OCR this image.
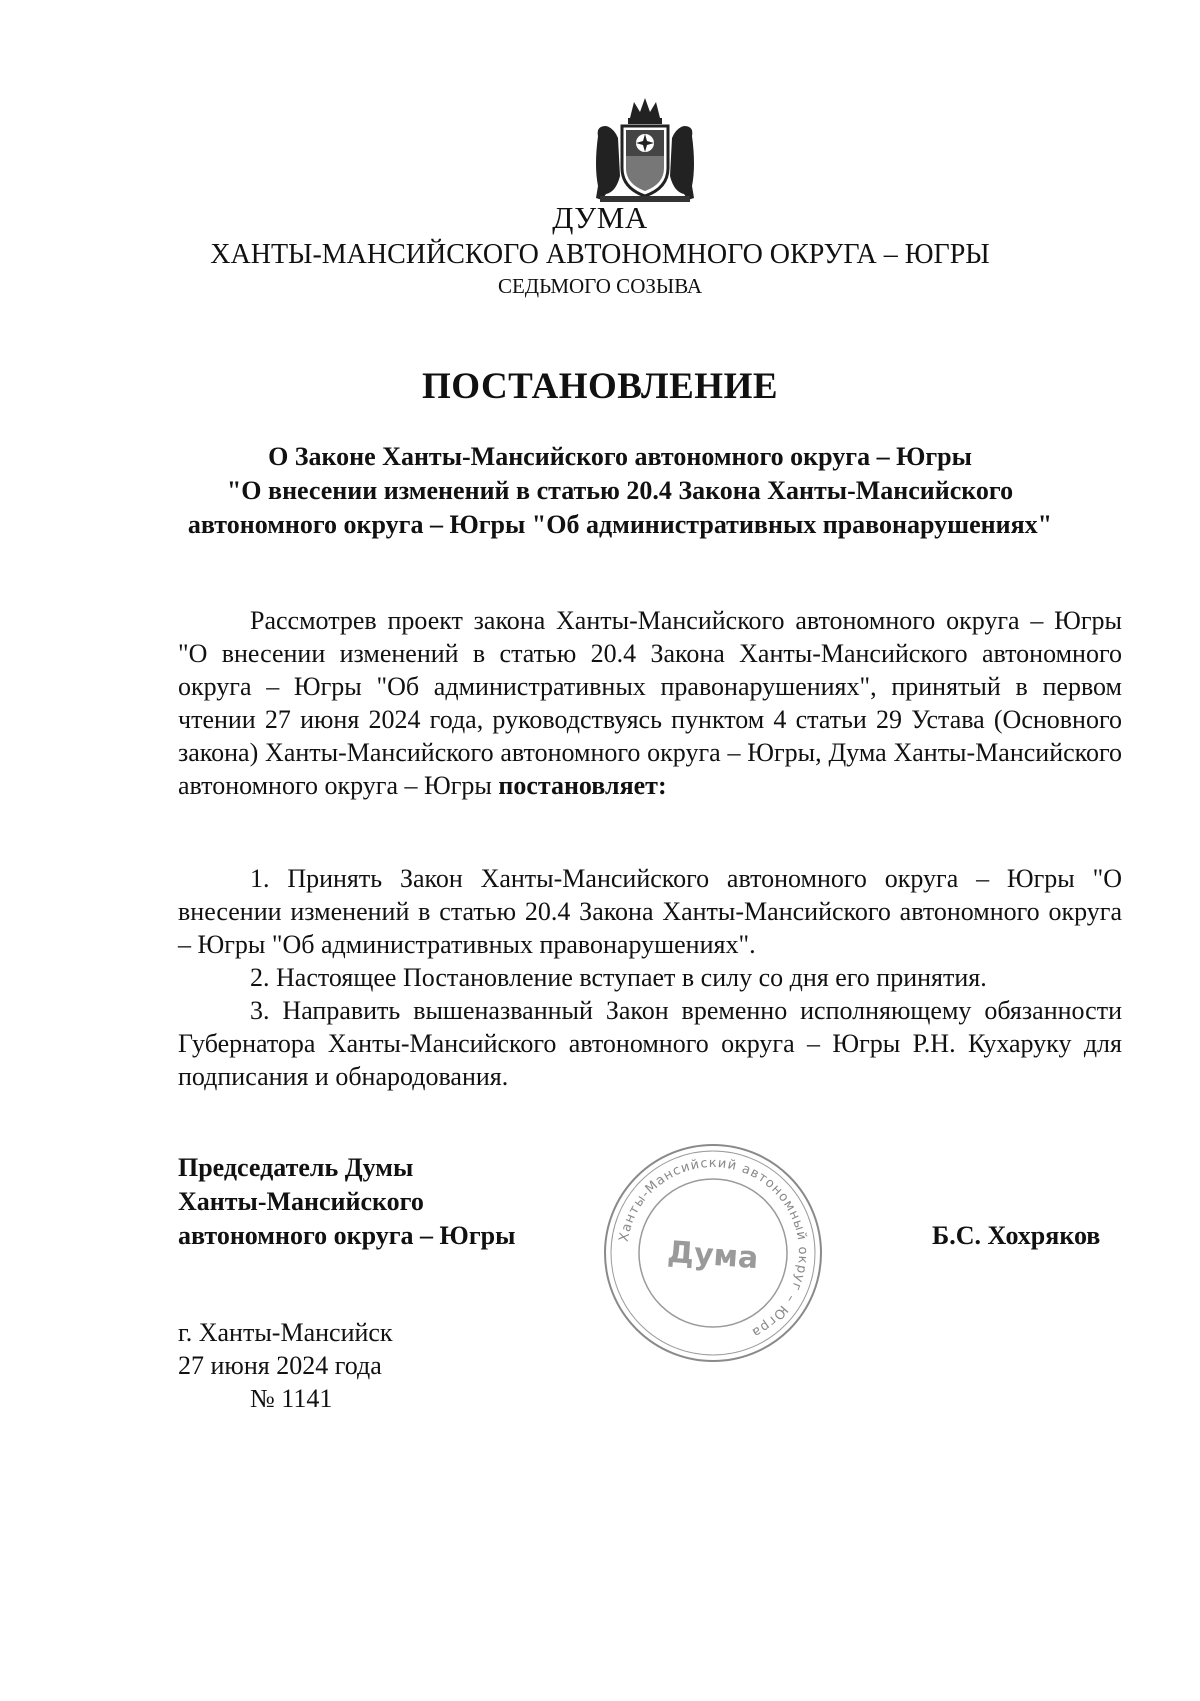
ДУМА
ХАНТЫ-МАНСИЙСКОГО АВТОНОМНОГО ОКРУГА – ЮГРЫ
СЕДЬМОГО СОЗЫВА
ПОСТАНОВЛЕНИЕ
О Законе Ханты-Мансийского автономного округа – Югры
"О внесении изменений в статью 20.4 Закона Ханты-Мансийского
автономного округа – Югры "Об административных правонарушениях"
Рассмотрев проект закона Ханты-Мансийского автономного округа – Югры "О внесении изменений в статью 20.4 Закона Ханты-Мансийского автономного округа – Югры "Об административных правонарушениях", принятый в первом чтении 27 июня 2024 года, руководствуясь пунктом 4 статьи 29 Устава (Основного закона) Ханты-Мансийского автономного округа – Югры, Дума Ханты-Мансийского автономного округа – Югры постановляет:

1. Принять Закон Ханты-Мансийского автономного округа – Югры "О внесении изменений в статью 20.4 Закона Ханты-Мансийского автономного округа – Югры "Об административных правонарушениях".

2. Настоящее Постановление вступает в силу со дня его принятия.

3. Направить вышеназванный Закон временно исполняющему обязанности Губернатора Ханты-Мансийского автономного округа – Югры Р.Н. Кухаруку для подписания и обнародования.

Председатель Думы
Ханты-Мансийского
автономного округа – Югры	Ханты-Мансийский автономный округ – Югра
Дума	Б.С. Хохряков
г. Ханты-Мансийск
27 июня 2024 года
№ 1141
